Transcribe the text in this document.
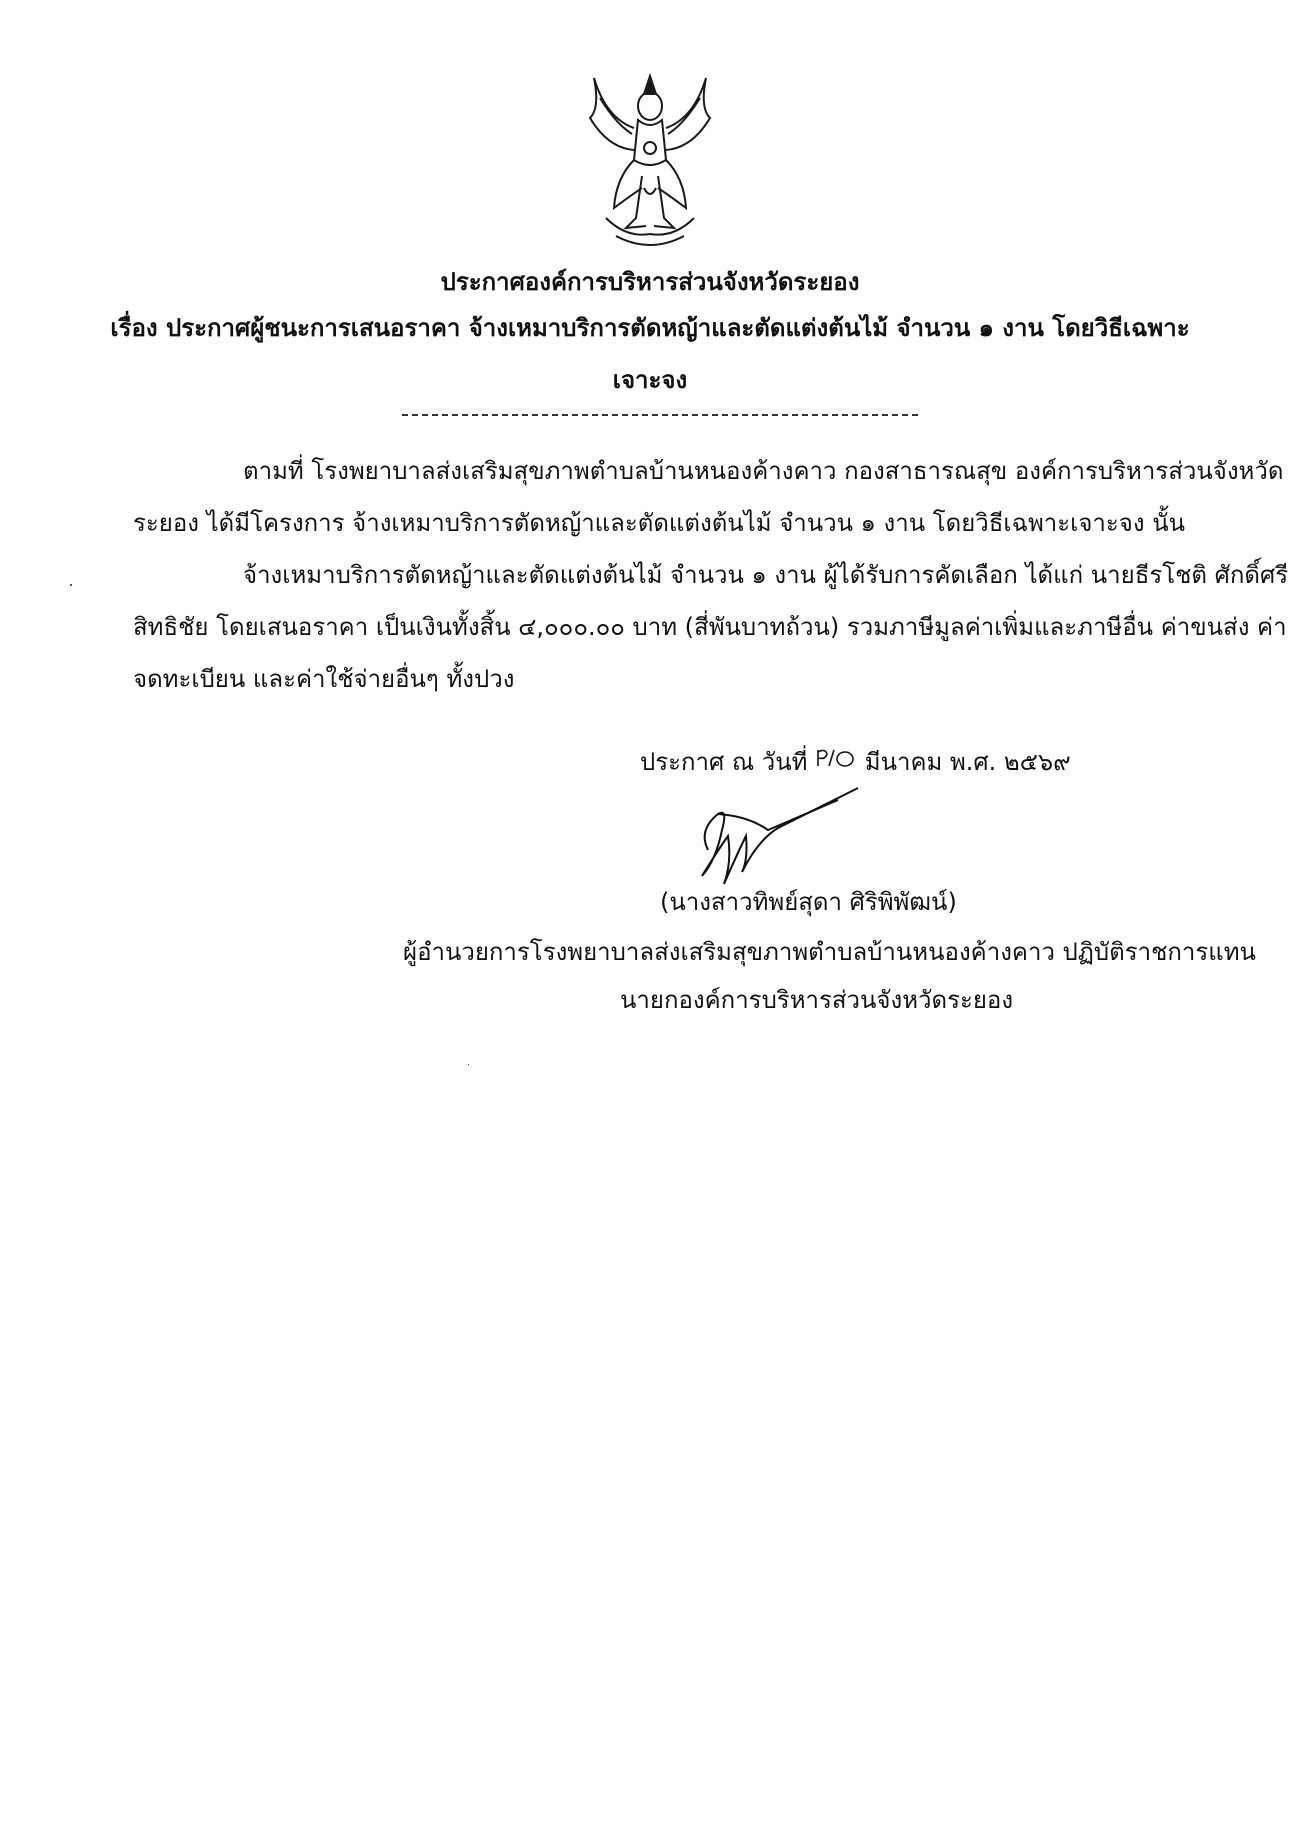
ประกาศองค์การบริหารส่วนจังหวัดระยอง
เรื่อง ประกาศผู้ชนะการเสนอราคา จ้างเหมาบริการตัดหญ้าและตัดแต่งต้นไม้ จำนวน ๑ งาน โดยวิธีเฉพาะ
เจาะจง
ตามที่ โรงพยาบาลส่งเสริมสุขภาพตำบลบ้านหนองค้างคาว กองสาธารณสุข องค์การบริหารส่วนจังหวัด
ระยอง ได้มีโครงการ จ้างเหมาบริการตัดหญ้าและตัดแต่งต้นไม้ จำนวน ๑ งาน โดยวิธีเฉพาะเจาะจง นั้น
จ้างเหมาบริการตัดหญ้าและตัดแต่งต้นไม้ จำนวน ๑ งาน ผู้ได้รับการคัดเลือก ได้แก่ นายธีรโชติ ศักดิ์ศรี
สิทธิชัย โดยเสนอราคา เป็นเงินทั้งสิ้น ๔,๐๐๐.๐๐ บาท (สี่พันบาทถ้วน) รวมภาษีมูลค่าเพิ่มและภาษีอื่น ค่าขนส่ง ค่า
จดทะเบียน และค่าใช้จ่ายอื่นๆ ทั้งปวง
ประกาศ ณ วันที่ มีนาคม พ.ศ. ๒๕๖๙
(นางสาวทิพย์สุดา ศิริพิพัฒน์)
ผู้อำนวยการโรงพยาบาลส่งเสริมสุขภาพตำบลบ้านหนองค้างคาว ปฏิบัติราชการแทน
นายกองค์การบริหารส่วนจังหวัดระยอง
